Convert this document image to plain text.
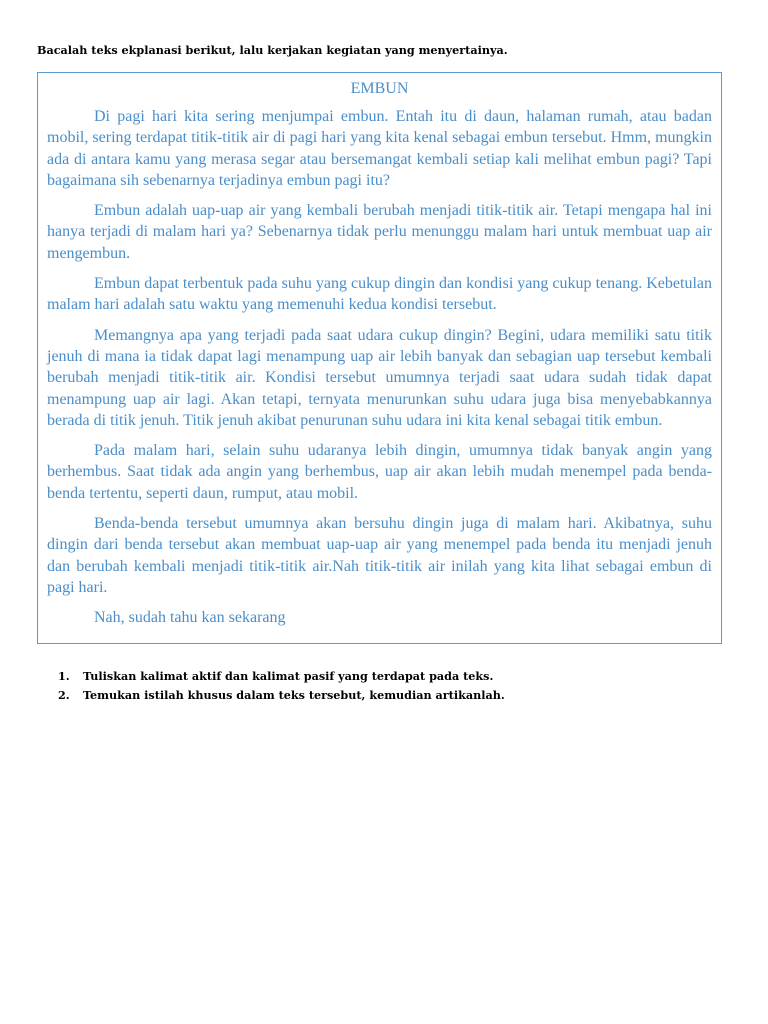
Bacalah teks ekplanasi berikut, lalu kerjakan kegiatan yang menyertainya.
EMBUN

Di pagi hari kita sering menjumpai embun. Entah itu di daun, halaman rumah, atau badan mobil, sering terdapat titik-titik air di pagi hari yang kita kenal sebagai embun tersebut. Hmm, mungkin ada di antara kamu yang merasa segar atau bersemangat kembali setiap kali melihat embun pagi? Tapi bagaimana sih sebenarnya terjadinya embun pagi itu?

Embun adalah uap-uap air yang kembali berubah menjadi titik-titik air. Tetapi mengapa hal ini hanya terjadi di malam hari ya? Sebenarnya tidak perlu menunggu malam hari untuk membuat uap air mengembun.

Embun dapat terbentuk pada suhu yang cukup dingin dan kondisi yang cukup tenang. Kebetulan malam hari adalah satu waktu yang memenuhi kedua kondisi tersebut.

Memangnya apa yang terjadi pada saat udara cukup dingin? Begini, udara memiliki satu titik jenuh di mana ia tidak dapat lagi menampung uap air lebih banyak dan sebagian uap tersebut kembali berubah menjadi titik-titik air. Kondisi tersebut umumnya terjadi saat udara sudah tidak dapat menampung uap air lagi. Akan tetapi, ternyata menurunkan suhu udara juga bisa menyebabkannya berada di titik jenuh. Titik jenuh akibat penurunan suhu udara ini kita kenal sebagai titik embun.

Pada malam hari, selain suhu udaranya lebih dingin, umumnya tidak banyak angin yang berhembus. Saat tidak ada angin yang berhembus, uap air akan lebih mudah menempel pada benda-benda tertentu, seperti daun, rumput, atau mobil.

Benda-benda tersebut umumnya akan bersuhu dingin juga di malam hari. Akibatnya, suhu dingin dari benda tersebut akan membuat uap-uap air yang menempel pada benda itu menjadi jenuh dan berubah kembali menjadi titik-titik air.Nah titik-titik air inilah yang kita lihat sebagai embun di pagi hari.

Nah, sudah tahu kan sekarang

1.	Tuliskan kalimat aktif dan kalimat pasif yang terdapat pada teks.
2.	Temukan istilah khusus dalam teks tersebut, kemudian artikanlah.
